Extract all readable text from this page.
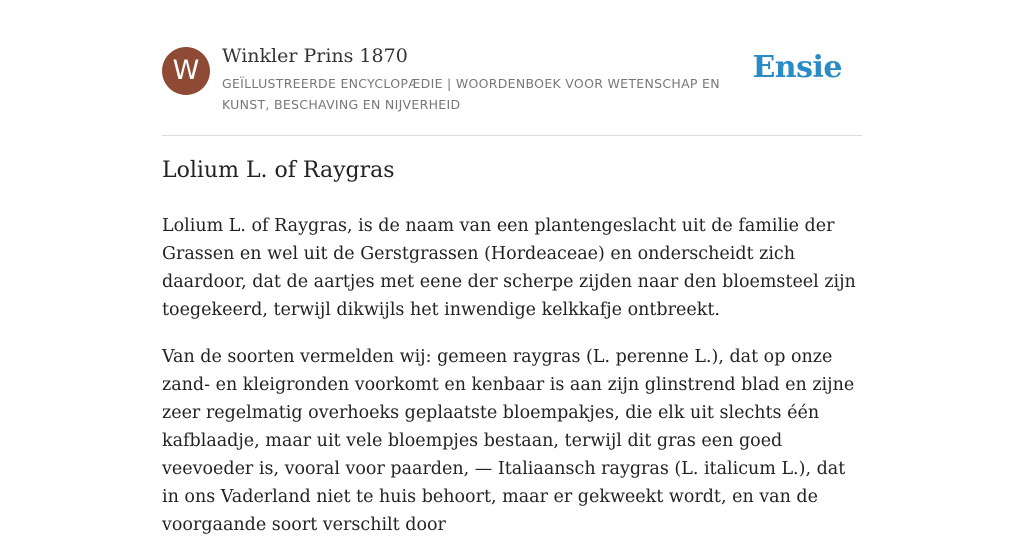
W	Winkler Prins 1870
GEÏLLUSTREERDE ENCYCLOPÆDIE | WOORDENBOEK VOOR WETENSCHAP EN KUNST, BESCHAVING EN NIJVERHEID
Ensie
Lolium L. of Raygras

Lolium L. of Raygras, is de naam van een plantengeslacht uit de familie der Grassen en wel uit de Gerstgrassen (Hordeaceae) en onderscheidt zich daardoor, dat de aartjes met eene der scherpe zijden naar den bloemsteel zijn toegekeerd, terwijl dikwijls het inwendige kelkkafje ontbreekt.

Van de soorten vermelden wij: gemeen raygras (L. perenne L.), dat op onze zand- en kleigronden voorkomt en kenbaar is aan zijn glinstrend blad en zijne zeer regelmatig overhoeks geplaatste bloempakjes, die elk uit slechts één kafblaadje, maar uit vele bloempjes bestaan, terwijl dit gras een goed veevoeder is, vooral voor paarden, — Italiaansch raygras (L. italicum L.), dat in ons Vaderland niet te huis behoort, maar er gekweekt wordt, en van de voorgaande soort verschilt door
